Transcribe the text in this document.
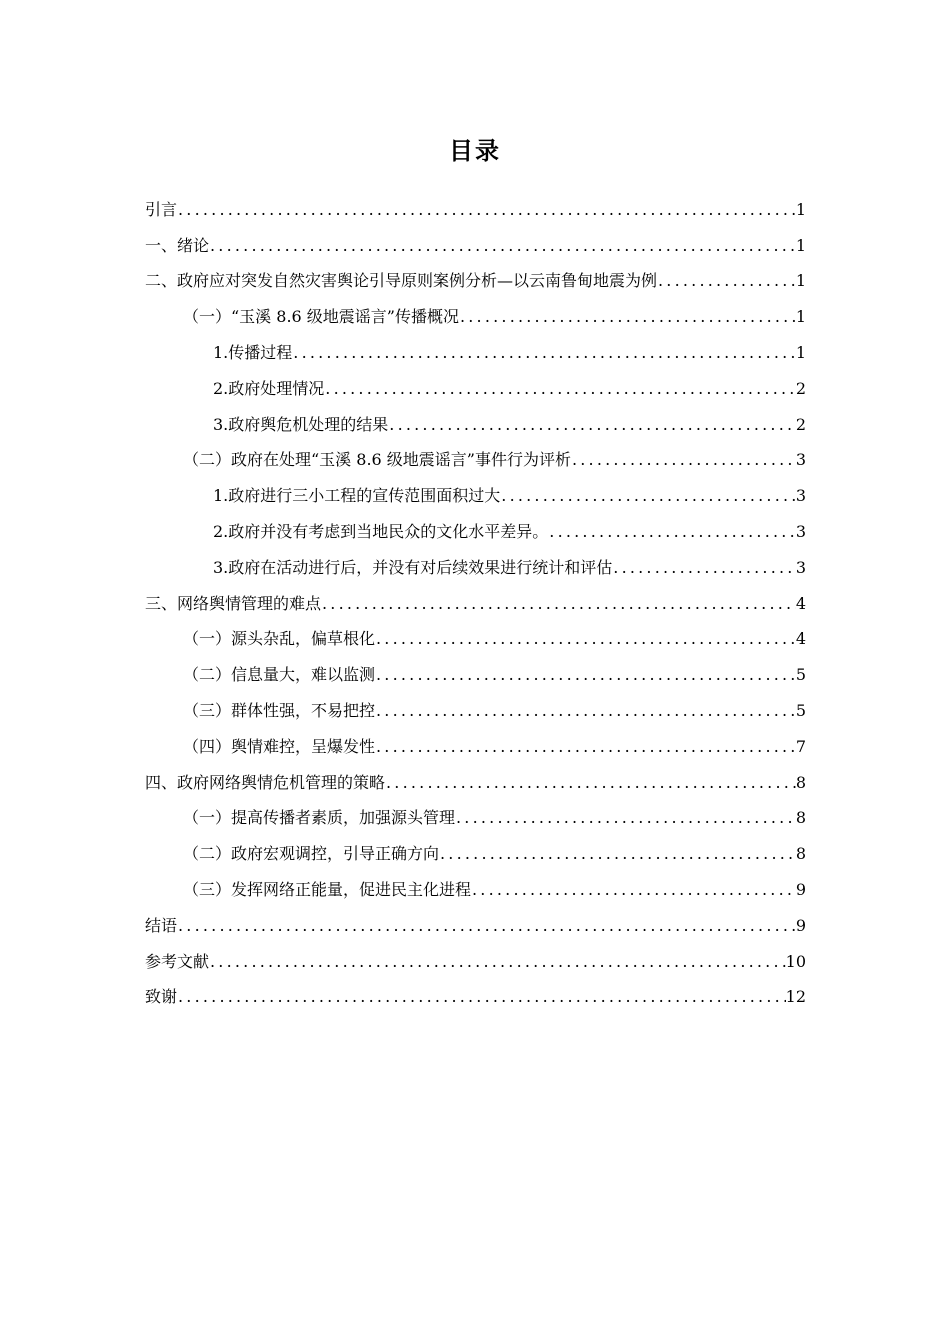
目录
引言 .....	1
一、绪论 .....	1
二、政府应对突发自然灾害舆论引导原则案例分析—以云南鲁甸地震为例 .....	1
（一）“玉溪 8.6 级地震谣言”传播概况 .....	1
1.传播过程 .....	1
2.政府处理情况 .....	2
3.政府舆危机处理的结果 .....	2
（二）政府在处理“玉溪 8.6 级地震谣言”事件行为评析 .....	3
1.政府进行三小工程的宣传范围面积过大 .....	3
2.政府并没有考虑到当地民众的文化水平差异。 .....	3
3.政府在活动进行后，并没有对后续效果进行统计和评估 .....	3
三、网络舆情管理的难点 .....	4
（一）源头杂乱，偏草根化 .....	4
（二）信息量大，难以监测 .....	5
（三）群体性强，不易把控 .....	5
（四）舆情难控，呈爆发性 .....	7
四、政府网络舆情危机管理的策略 .....	8
（一）提高传播者素质，加强源头管理 .....	8
（二）政府宏观调控，引导正确方向 .....	8
（三）发挥网络正能量，促进民主化进程 .....	9
结语 .....	9
参考文献 .....	10
致谢 .....	12
